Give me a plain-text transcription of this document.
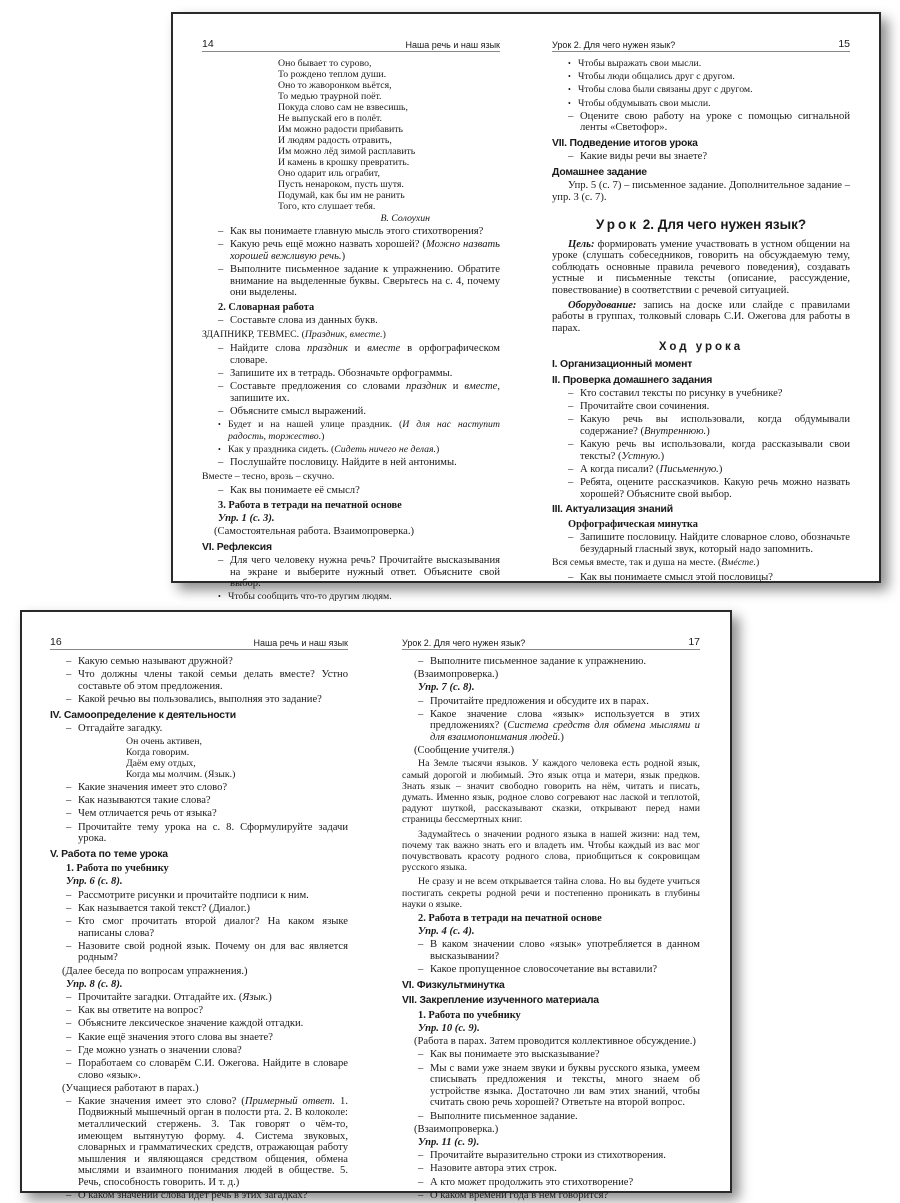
14	Наша речь и наш язык
Оно бывает то сурово,
То рождено теплом души.
Оно то жаворонком вьётся,
То медью траурной поёт.
Покуда слово сам не взвесишь,
Не выпускай его в полёт.
Им можно радости прибавить
И людям радость отравить,
Им можно лёд зимой расплавить
И камень в крошку превратить.
Оно одарит иль ограбит,
Пусть ненароком, пусть шутя.
Подумай, как бы им не ранить
Того, кто слушает тебя.
В. Солоухин
– Как вы понимаете главную мысль этого стихотворения?
– Какую речь ещё можно назвать хорошей? (Можно назвать хорошей вежливую речь.)
– Выполните письменное задание к упражнению. Обратите внимание на выделенные буквы. Сверьтесь на с. 4, почему они выделены.
2. Словарная работа
– Составьте слова из данных букв.
ЗДАПНИКР, ТЕВМЕС. (Праздник, вместе.)
– Найдите слова праздник и вместе в орфографическом словаре.
– Запишите их в тетрадь. Обозначьте орфограммы.
– Составьте предложения со словами праздник и вместе, запишите их.
– Объясните смысл выражений.
• Будет и на нашей улице праздник. (И для нас наступит радость, торжество.)
• Как у праздника сидеть. (Сидеть ничего не делая.)
– Послушайте пословицу. Найдите в ней антонимы.
Вместе – тесно, врозь – скучно.
– Как вы понимаете её смысл?
3. Работа в тетради на печатной основе
Упр. 1 (с. 3).
(Самостоятельная работа. Взаимопроверка.)
VI. Рефлексия
– Для чего человеку нужна речь? Прочитайте высказывания на экране и выберите нужный ответ. Объясните свой выбор.
• Чтобы сообщить что-то другим людям.
Урок 2. Для чего нужен язык?	15
• Чтобы выражать свои мысли.
• Чтобы люди общались друг с другом.
• Чтобы слова были связаны друг с другом.
• Чтобы обдумывать свои мысли.
– Оцените свою работу на уроке с помощью сигнальной ленты «Светофор».
VII. Подведение итогов урока
– Какие виды речи вы знаете?
Домашнее задание
Упр. 5 (с. 7) – письменное задание. Дополнительное задание – упр. 3 (с. 7).
Урок 2. Для чего нужен язык?
Цель: формировать умение участвовать в устном общении на уроке (слушать собеседников, говорить на обсуждаемую тему, соблюдать основные правила речевого поведения), создавать устные и письменные тексты (описание, рассуждение, повествование) в соответствии с речевой ситуацией.
Оборудование: запись на доске или слайде с правилами работы в группах, толковый словарь С.И. Ожегова для работы в парах.
Ход урока
I. Организационный момент
II. Проверка домашнего задания
– Кто составил тексты по рисунку в учебнике?
– Прочитайте свои сочинения.
– Какую речь вы использовали, когда обдумывали содержание? (Внутреннюю.)
– Какую речь вы использовали, когда рассказывали свои тексты? (Устную.)
– А когда писали? (Письменную.)
– Ребята, оцените рассказчиков. Какую речь можно назвать хорошей? Объясните свой выбор.
III. Актуализация знаний
Орфографическая минутка
– Запишите пословицу. Найдите словарное слово, обозначьте безударный гласный звук, который надо запомнить.
Вся семья вместе, так и душа на месте. (Вмéсте.)
– Как вы понимаете смысл этой пословицы?
16	Наша речь и наш язык
– Какую семью называют дружной?
– Что должны члены такой семьи делать вместе? Устно составьте об этом предложения.
– Какой речью вы пользовались, выполняя это задание?
IV. Самоопределение к деятельности
– Отгадайте загадку.
Он очень активен,
Когда говорим.
Даём ему отдых,
Когда мы молчим. (Язык.)
– Какие значения имеет это слово?
– Как называются такие слова?
– Чем отличается речь от языка?
– Прочитайте тему урока на с. 8. Сформулируйте задачи урока.
V. Работа по теме урока
1. Работа по учебнику
Упр. 6 (с. 8).
– Рассмотрите рисунки и прочитайте подписи к ним.
– Как называется такой текст? (Диалог.)
– Кто смог прочитать второй диалог? На каком языке написаны слова?
– Назовите свой родной язык. Почему он для вас является родным?
(Далее беседа по вопросам упражнения.)
Упр. 8 (с. 8).
– Прочитайте загадки. Отгадайте их. (Язык.)
– Как вы ответите на вопрос?
– Объясните лексическое значение каждой отгадки.
– Какие ещё значения этого слова вы знаете?
– Где можно узнать о значении слова?
– Поработаем со словарём С.И. Ожегова. Найдите в словаре слово «язык».
(Учащиеся работают в парах.)
– Какие значения имеет это слово? (Примерный ответ. 1. Подвижный мышечный орган в полости рта. 2. В колоколе: металлический стержень. 3. Так говорят о чём-то, имеющем вытянутую форму. 4. Система звуковых, словарных и грамматических средств, отражающая работу мышления и являющаяся средством общения, обмена мыслями и взаимного понимания людей в обществе. 5. Речь, способность говорить. И т. д.)
– О каком значении слова идёт речь в этих загадках?
Урок 2. Для чего нужен язык?	17
– Выполните письменное задание к упражнению.
(Взаимопроверка.)
Упр. 7 (с. 8).
– Прочитайте предложения и обсудите их в парах.
– Какое значение слова «язык» используется в этих предложениях? (Система средств для обмена мыслями и для взаимопонимания людей.)
(Сообщение учителя.)
На Земле тысячи языков. У каждого человека есть родной язык, самый дорогой и любимый. Это язык отца и матери, язык предков. Знать язык – значит свободно говорить на нём, читать и писать, думать. Именно язык, родное слово согревают нас лаской и теплотой, радуют шуткой, рассказывают сказки, открывают перед нами страницы бессмертных книг.
Задумайтесь о значении родного языка в нашей жизни: над тем, почему так важно знать его и владеть им. Чтобы каждый из вас мог почувствовать красоту родного слова, приобщиться к сокровищам русского языка.
Не сразу и не всем открывается тайна слова. Но вы будете учиться постигать секреты родной речи и постепенно проникать в глубины науки о языке.
2. Работа в тетради на печатной основе
Упр. 4 (с. 4).
– В каком значении слово «язык» употребляется в данном высказывании?
– Какое пропущенное словосочетание вы вставили?
VI. Физкультминутка
VII. Закрепление изученного материала
1. Работа по учебнику
Упр. 10 (с. 9).
(Работа в парах. Затем проводится коллективное обсуждение.)
– Как вы понимаете это высказывание?
– Мы с вами уже знаем звуки и буквы русского языка, умеем списывать предложения и тексты, много знаем об устройстве языка. Достаточно ли вам этих знаний, чтобы считать свою речь хорошей? Ответьте на второй вопрос.
– Выполните письменное задание.
(Взаимопроверка.)
Упр. 11 (с. 9).
– Прочитайте выразительно строки из стихотворения.
– Назовите автора этих строк.
– А кто может продолжить это стихотворение?
– О каком времени года в нём говорится?
